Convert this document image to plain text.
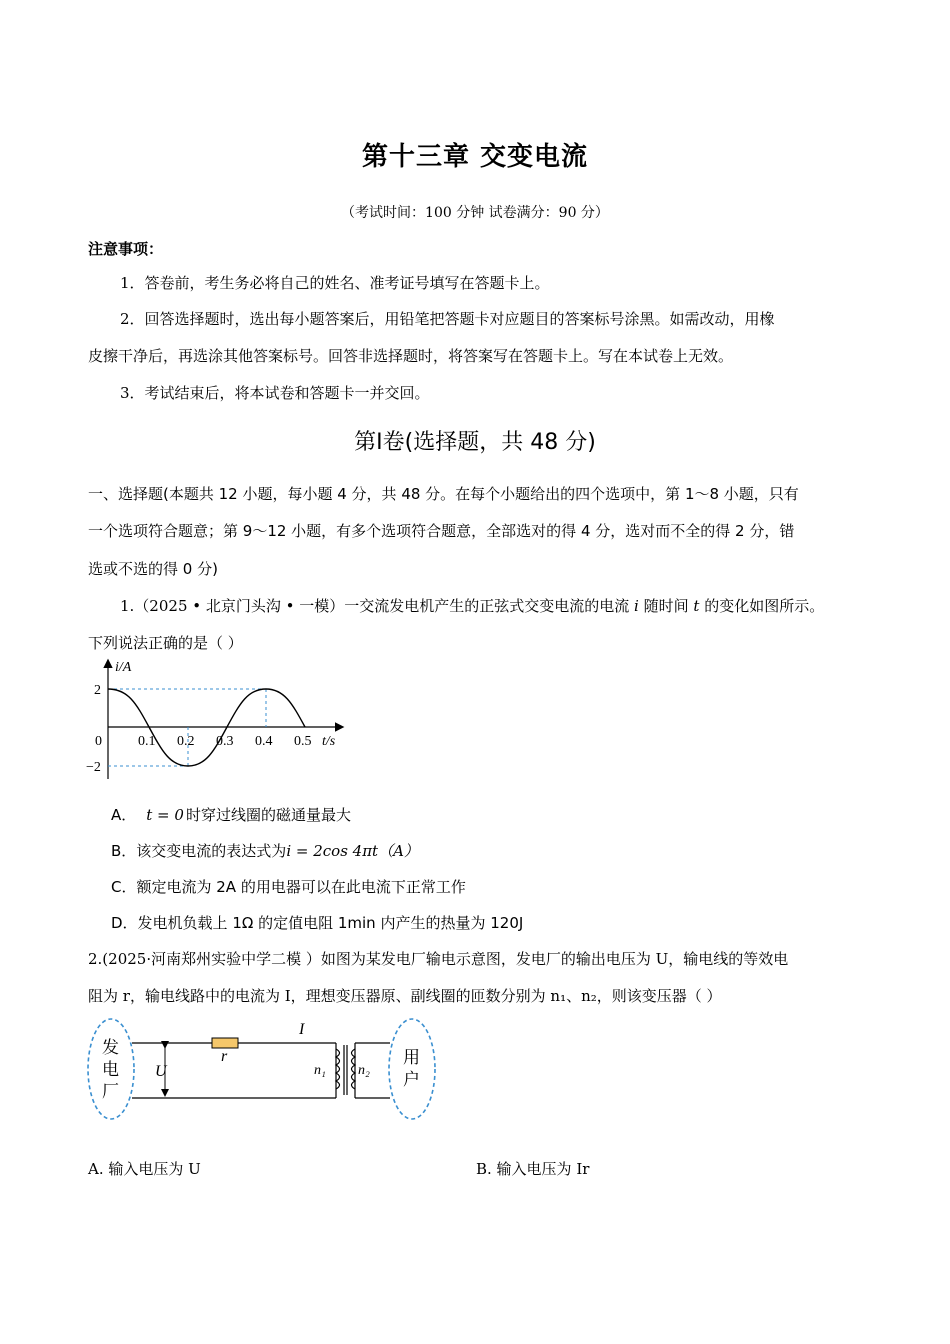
第十三章 交变电流
（考试时间：100 分钟 试卷满分：90 分）
注意事项：
1．答卷前，考生务必将自己的姓名、准考证号填写在答题卡上。
2．回答选择题时，选出每小题答案后，用铅笔把答题卡对应题目的答案标号涂黑。如需改动，用橡
皮擦干净后，再选涂其他答案标号。回答非选择题时，将答案写在答题卡上。写在本试卷上无效。
3．考试结束后，将本试卷和答题卡一并交回。
第Ⅰ卷(选择题，共 48 分)
一、选择题(本题共 12 小题，每小题 4 分，共 48 分。在每个小题给出的四个选项中，第 1～8 小题，只有
一个选项符合题意；第 9～12 小题，有多个选项符合题意，全部选对的得 4 分，选对而不全的得 2 分，错
选或不选的得 0 分)
1.（2025 • 北京门头沟 • 一模）一交流发电机产生的正弦式交变电流的电流 i 随时间 t 的变化如图所示。
下列说法正确的是（ ）
i/A
t/s
2
−2
0	0.1 0.2 0.3 0.4 0.5
A． t = 0 时穿过线圈的磁通量最大
B．该交变电流的表达式为i = 2cos 4πt（A）
C．额定电流为 2A 的用电器可以在此电流下正常工作
D．发电机负载上 1Ω 的定值电阻 1min 内产生的热量为 120J
2.(2025·河南郑州实验中学二模 ）如图为某发电厂输电示意图，发电厂的输出电压为 U，输电线的等效电
阻为 r，输电线路中的电流为 I，理想变压器原、副线圈的匝数分别为 n₁、n₂，则该变压器（ ）
发
电
厂
用
户
U
r
I
n₁ n₂
A. 输入电压为 U	B. 输入电压为 Ir
